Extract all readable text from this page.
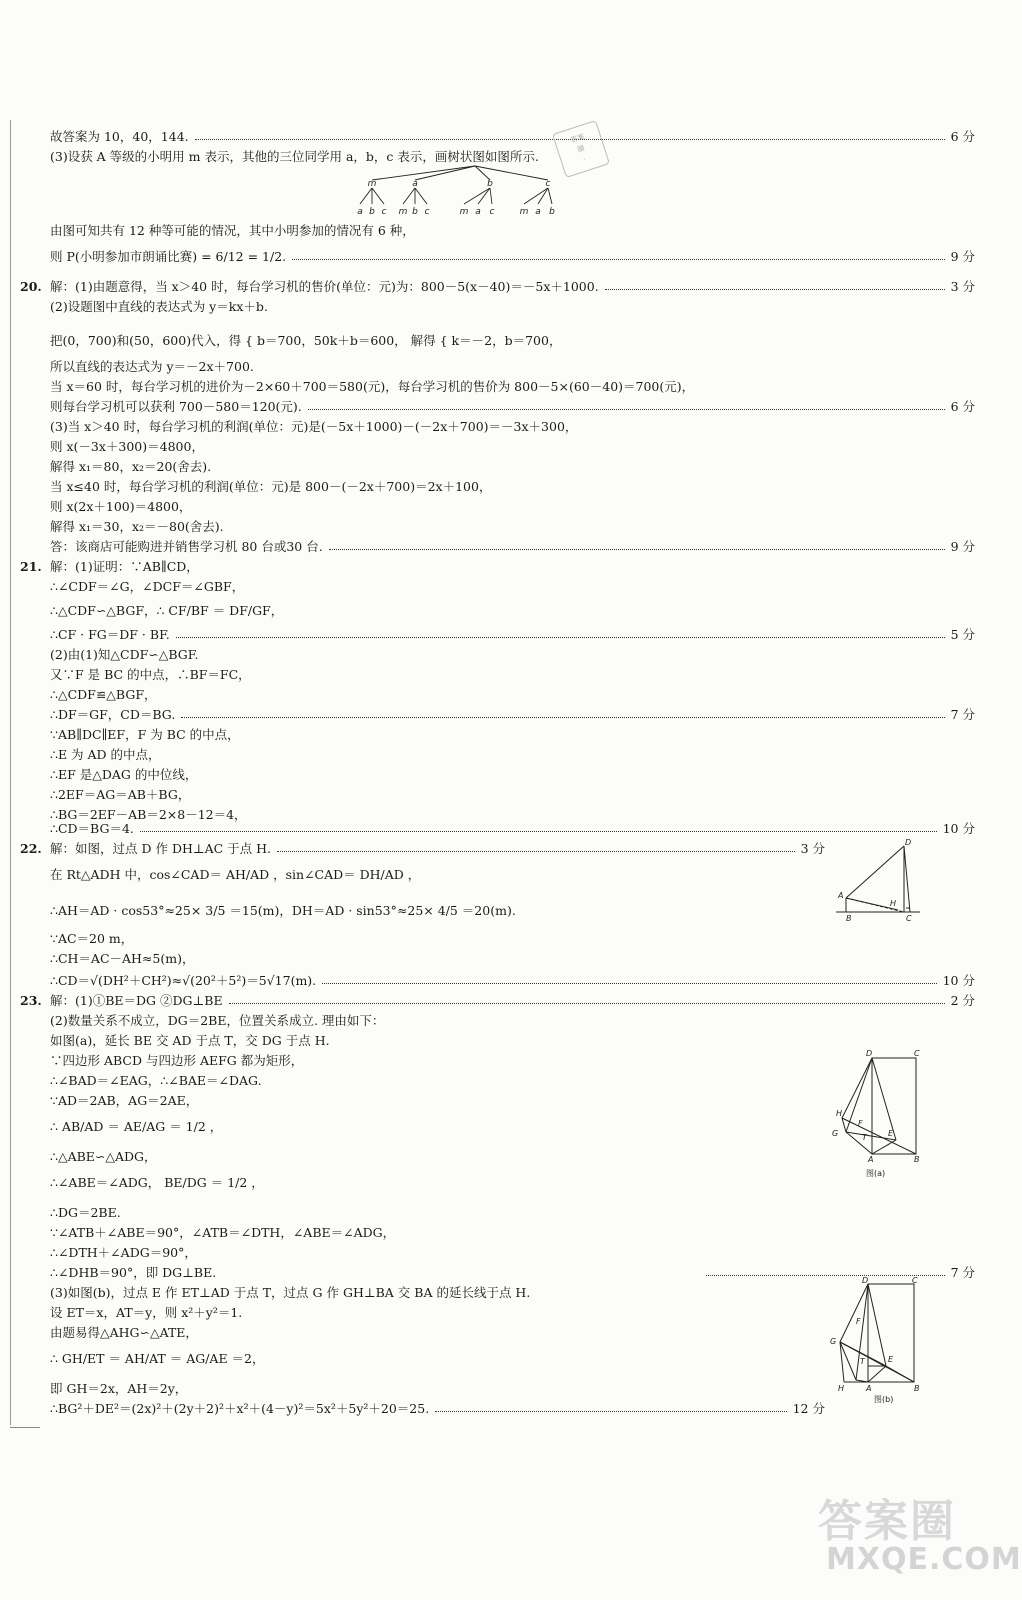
故答案为 10，40，144.	6 分
(3)设获 A 等级的小明用 m 表示，其他的三位同学用 a，b，c 表示，画树状图如图所示.
答案
圈
·
m	a	b	c
a b c m b c	m a c	m a b
由图可知共有 12 种等可能的情况，其中小明参加的情况有 6 种，
则 P(小明参加市朗诵比赛) = 6/12 = 1/2.	9 分
20. 解：(1)由题意得，当 x＞40 时，每台学习机的售价(单位：元)为：800－5(x－40)＝－5x＋1000.	3 分
(2)设题图中直线的表达式为 y＝kx＋b.
把(0，700)和(50，600)代入，得 { b＝700，50k＋b＝600， 解得 { k＝－2，b＝700，
所以直线的表达式为 y＝－2x＋700.
当 x＝60 时，每台学习机的进价为－2×60＋700＝580(元)，每台学习机的售价为 800－5×(60－40)＝700(元)，
则每台学习机可以获利 700－580＝120(元).	6 分
(3)当 x＞40 时，每台学习机的利润(单位：元)是(－5x＋1000)－(－2x＋700)＝－3x＋300，
则 x(－3x＋300)＝4800，
解得 x₁＝80，x₂＝20(舍去).
当 x≤40 时，每台学习机的利润(单位：元)是 800－(－2x＋700)＝2x＋100，
则 x(2x＋100)＝4800，
解得 x₁＝30，x₂＝－80(舍去).
答：该商店可能购进并销售学习机 80 台或30 台.	9 分
21. 解：(1)证明：∵AB∥CD，
∴∠CDF＝∠G，∠DCF＝∠GBF，
∴△CDF∽△BGF，∴ CF/BF ＝ DF/GF，
∴CF · FG＝DF · BF.	5 分
(2)由(1)知△CDF∽△BGF.
又∵F 是 BC 的中点，∴BF＝FC，
∴△CDF≌△BGF，
∴DF＝GF，CD＝BG.	7 分
∵AB∥DC∥EF，F 为 BC 的中点，
∴E 为 AD 的中点，
∴EF 是△DAG 的中位线，
∴2EF＝AG＝AB＋BG，
∴BG＝2EF－AB＝2×8－12＝4，
∴CD＝BG＝4.	10 分
22. 解：如图，过点 D 作 DH⊥AC 于点 H.	3 分
在 Rt△ADH 中，cos∠CAD＝ AH/AD ，sin∠CAD＝ DH/AD ，
∴AH＝AD · cos53°≈25× 3/5 ＝15(m)，DH＝AD · sin53°≈25× 4/5 ＝20(m).
∵AC＝20 m，
∴CH＝AC－AH≈5(m)，
∴CD＝√(DH²＋CH²)≈√(20²＋5²)＝5√17(m).	10 分
D
A
H
B	C
23. 解：(1)①BE＝DG ②DG⊥BE	2 分
(2)数量关系不成立，DG＝2BE，位置关系成立. 理由如下：
如图(a)，延长 BE 交 AD 于点 T，交 DG 于点 H.
∵四边形 ABCD 与四边形 AEFG 都为矩形，
∴∠BAD＝∠EAG，∴∠BAE＝∠DAG.
∵AD＝2AB，AG＝2AE，
∴ AB/AD ＝ AE/AG ＝ 1/2 ，
∴△ABE∽△ADG，
∴∠ABE＝∠ADG， BE/DG ＝ 1/2 ，
∴DG＝2BE.
∵∠ATB＋∠ABE＝90°，∠ATB＝∠DTH，∠ABE＝∠ADG，
∴∠DTH＋∠ADG＝90°，
∴∠DHB＝90°，即 DG⊥BE.	7 分
(3)如图(b)，过点 E 作 ET⊥AD 于点 T，过点 G 作 GH⊥BA 交 BA 的延长线于点 H.
设 ET＝x，AT＝y，则 x²＋y²＝1.
由题易得△AHG∽△ATE，
∴ GH/ET ＝ AH/AT ＝ AG/AE ＝2，
即 GH＝2x，AH＝2y，
∴BG²＋DE²＝(2x)²＋(2y＋2)²＋x²＋(4－y)²＝5x²＋5y²＋20＝25.	12 分
D	C
H
F
G	T	E
A	B
图(a)
D	C
F
G
T	E
H	A	B
图(b)
答案圈
MXQE.COM
